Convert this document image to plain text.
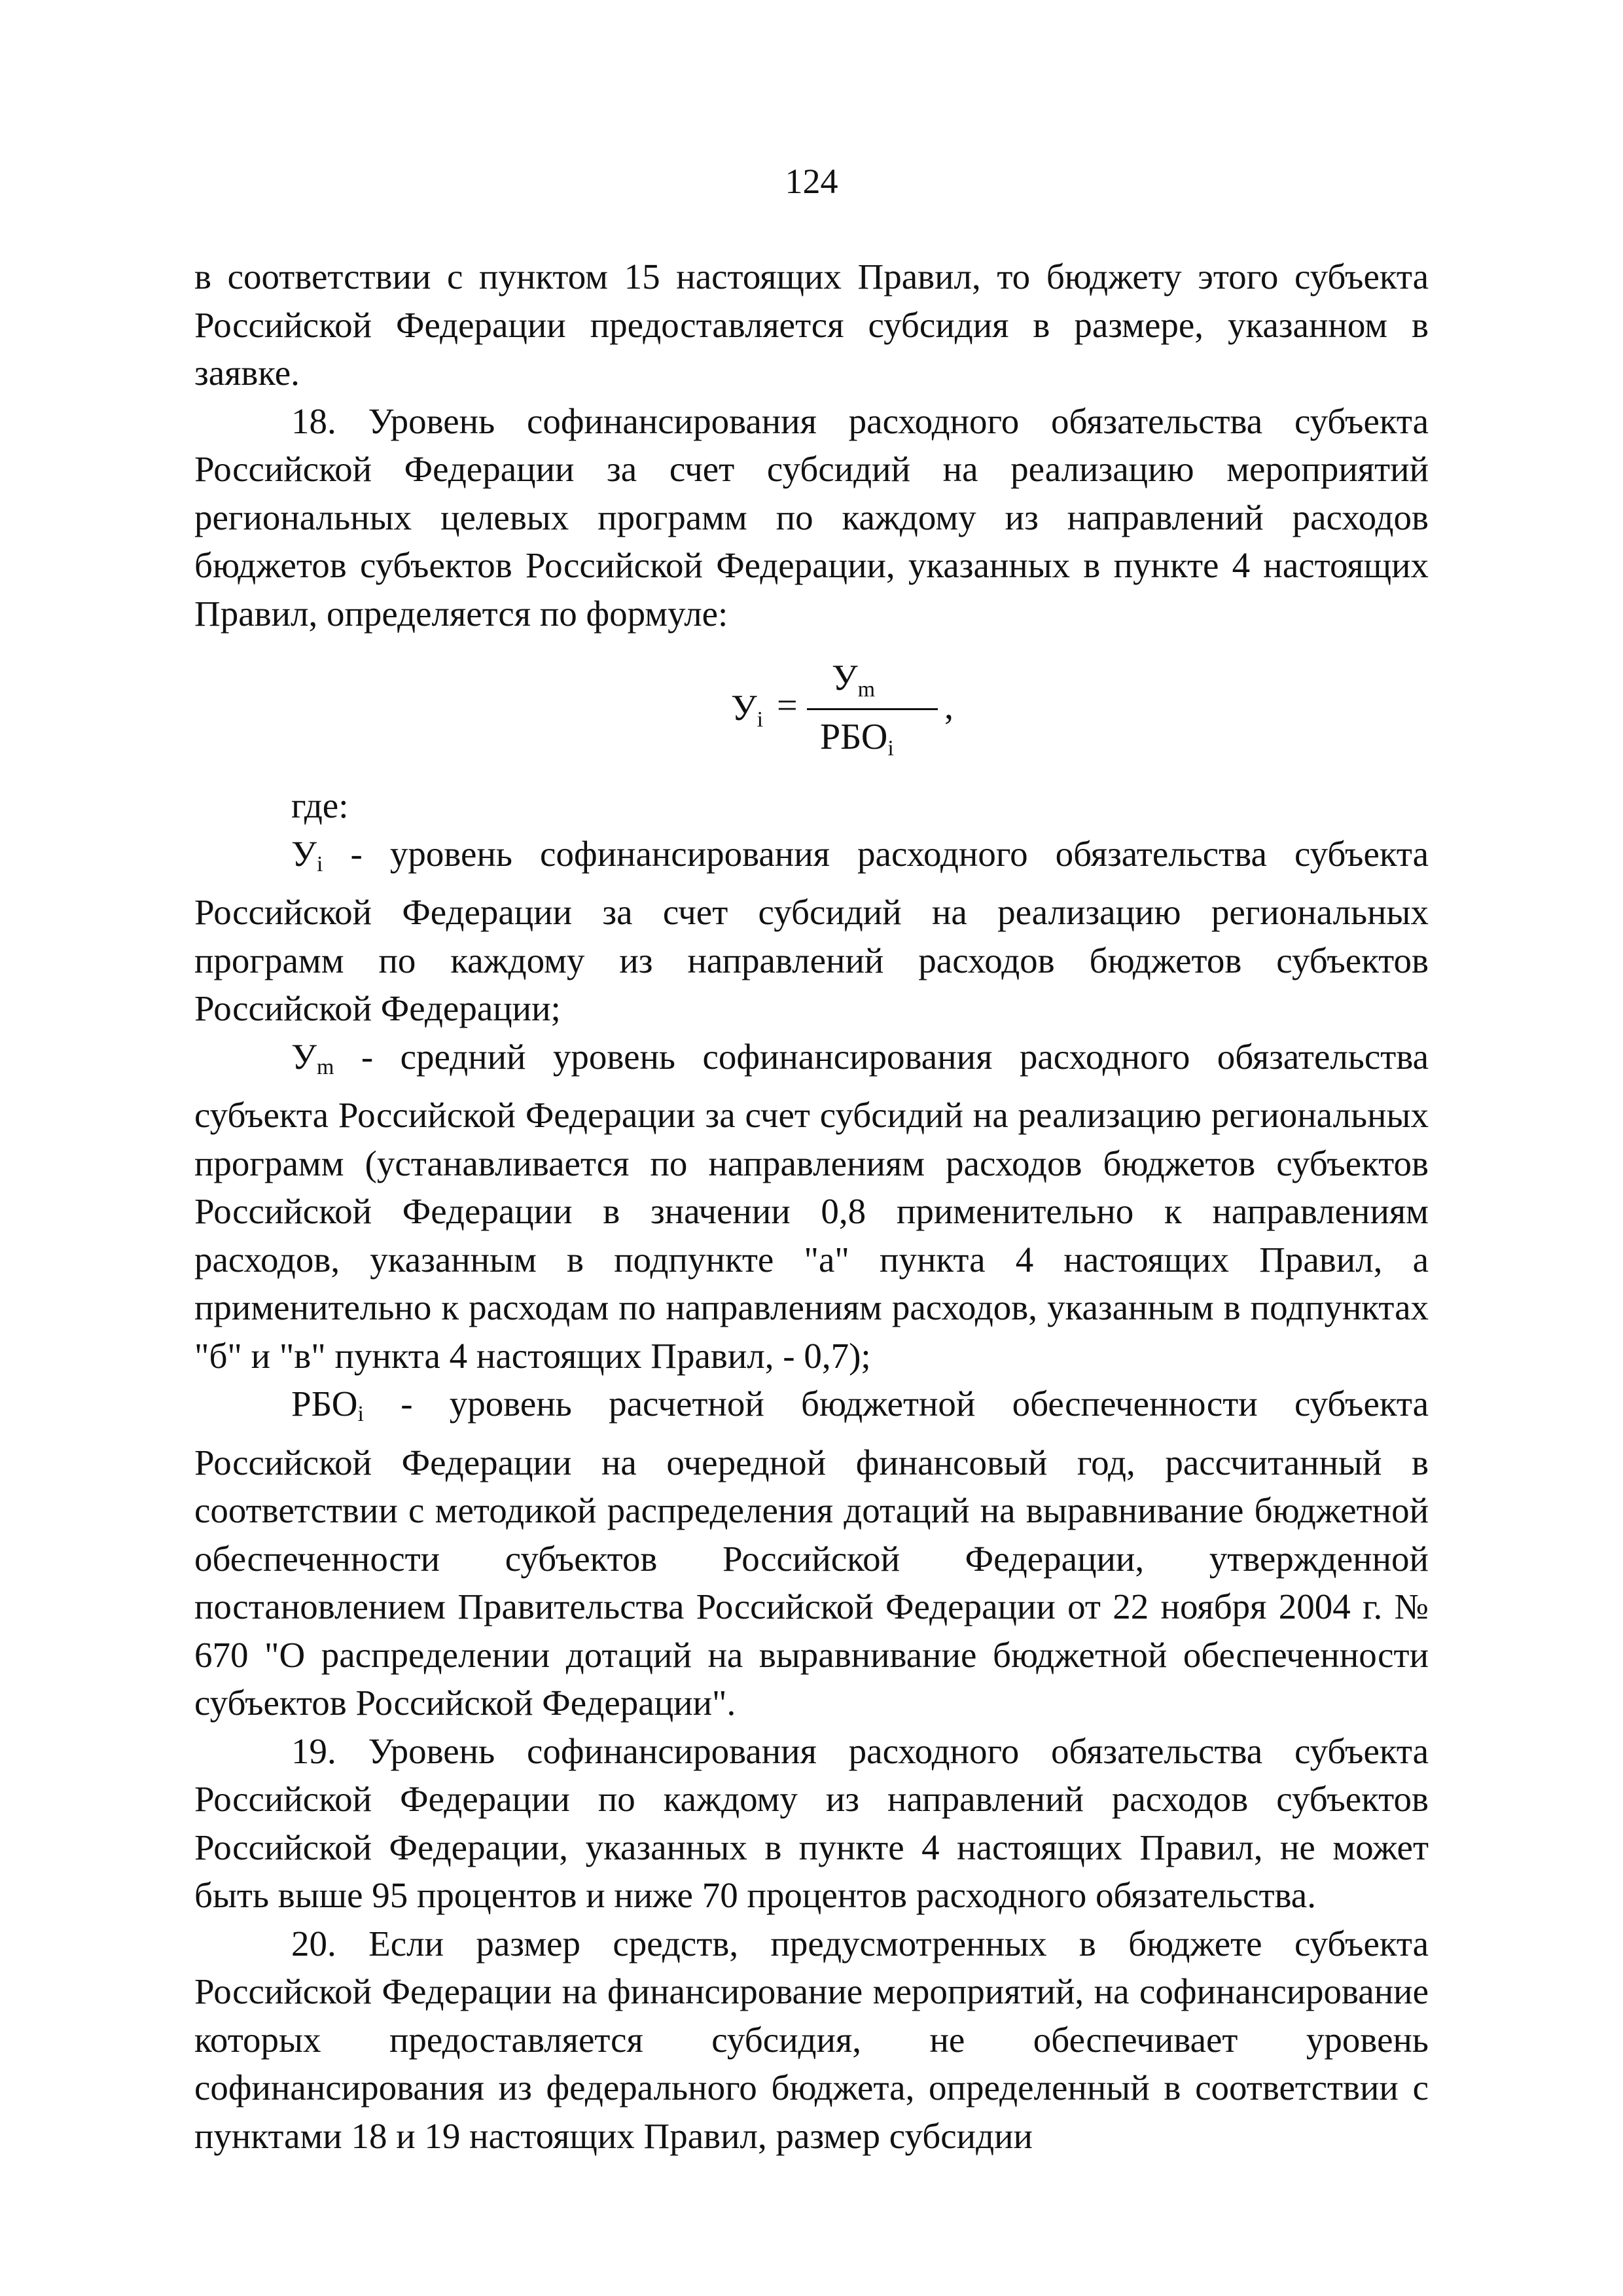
124

в соответствии с пунктом 15 настоящих Правил, то бюджету этого субъекта Российской Федерации предоставляется субсидия в размере, указанном в заявке.

18. Уровень софинансирования расходного обязательства субъекта Российской Федерации за счет субсидий на реализацию мероприятий региональных целевых программ по каждому из направлений расходов бюджетов субъектов Российской Федерации, указанных в пункте 4 настоящих Правил, определяется по формуле:

$У_i$ =
$У_m$
$РБО_i$
,

где:

$У_i$ - уровень софинансирования расходного обязательства субъекта Российской Федерации за счет субсидий на реализацию региональных программ по каждому из направлений расходов бюджетов субъектов Российской Федерации;

$У_m$ - средний уровень софинансирования расходного обязательства субъекта Российской Федерации за счет субсидий на реализацию региональных программ (устанавливается по направлениям расходов бюджетов субъектов Российской Федерации в значении 0,8 применительно к направлениям расходов, указанным в подпункте "а" пункта 4 настоящих Правил, а применительно к расходам по направлениям расходов, указанным в подпунктах "б" и "в" пункта 4 настоящих Правил, - 0,7);

$РБО_i$ - уровень расчетной бюджетной обеспеченности субъекта Российской Федерации на очередной финансовый год, рассчитанный в соответствии с методикой распределения дотаций на выравнивание бюджетной обеспеченности субъектов Российской Федерации, утвержденной постановлением Правительства Российской Федерации от 22 ноября 2004 г. № 670 "О распределении дотаций на выравнивание бюджетной обеспеченности субъектов Российской Федерации".

19. Уровень софинансирования расходного обязательства субъекта Российской Федерации по каждому из направлений расходов субъектов Российской Федерации, указанных в пункте 4 настоящих Правил, не может быть выше 95 процентов и ниже 70 процентов расходного обязательства.

20. Если размер средств, предусмотренных в бюджете субъекта Российской Федерации на финансирование мероприятий, на софинансирование которых предоставляется субсидия, не обеспечивает уровень софинансирования из федерального бюджета, определенный в соответствии с пунктами 18 и 19 настоящих Правил, размер субсидии
